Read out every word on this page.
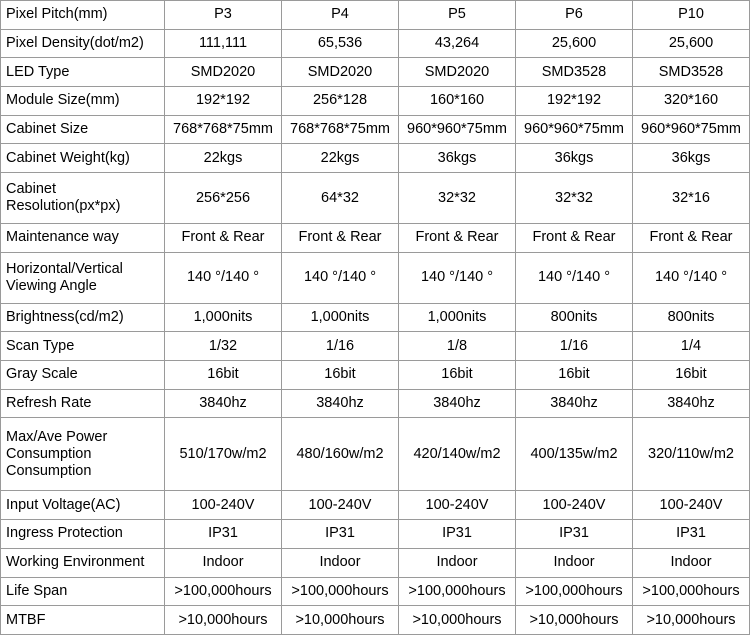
Pixel Pitch(mm)	P3	P4	P5	P6	P10
Pixel Density(dot/m2)	111,111	65,536	43,264	25,600	25,600
LED Type	SMD2020	SMD2020	SMD2020	SMD3528	SMD3528
Module Size(mm)	192*192	256*128	160*160	192*192	320*160
Cabinet Size	768*768*75mm	768*768*75mm	960*960*75mm	960*960*75mm	960*960*75mm
Cabinet Weight(kg)	22kgs	22kgs	36kgs	36kgs	36kgs
Cabinet Resolution(px*px)	256*256	64*32	32*32	32*32	32*16
Maintenance way	Front & Rear	Front & Rear	Front & Rear	Front & Rear	Front & Rear
Horizontal/Vertical Viewing Angle	140 °/140 °	140 °/140 °	140 °/140 °	140 °/140 °	140 °/140 °
Brightness(cd/m2)	1,000nits	1,000nits	1,000nits	800nits	800nits
Scan Type	1/32	1/16	1/8	1/16	1/4
Gray Scale	16bit	16bit	16bit	16bit	16bit
Refresh Rate	3840hz	3840hz	3840hz	3840hz	3840hz
Max/Ave Power Consumption Consumption	510/170w/m2	480/160w/m2	420/140w/m2	400/135w/m2	320/110w/m2
Input Voltage(AC)	100-240V	100-240V	100-240V	100-240V	100-240V
Ingress Protection	IP31	IP31	IP31	IP31	IP31
Working Environment	Indoor	Indoor	Indoor	Indoor	Indoor
Life Span	>100,000hours	>100,000hours	>100,000hours	>100,000hours	>100,000hours
MTBF	>10,000hours	>10,000hours	>10,000hours	>10,000hours	>10,000hours
